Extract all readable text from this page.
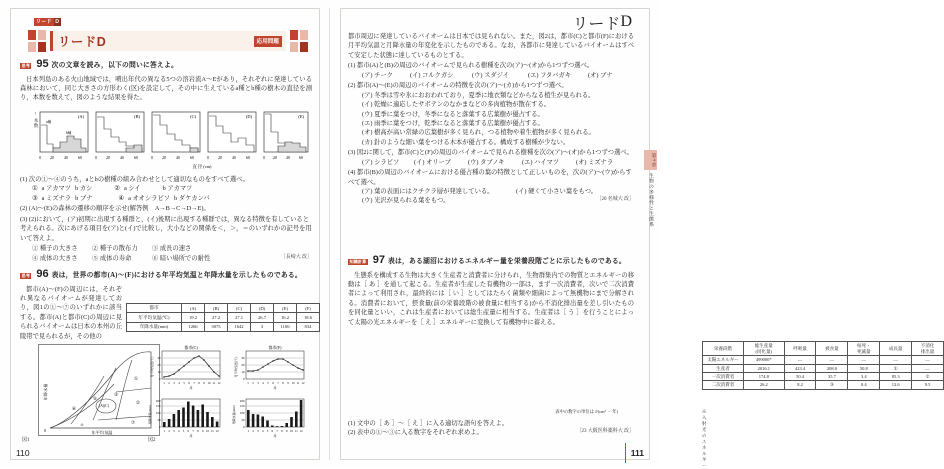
リード D
リードD	応用問題
思考 95 次の文章を読み，以下の問いに答えよ。
日本列島のある火山地域では，噴出年代の異なる5つの溶岩流A〜Eがあり，それぞれに発達している森林において，同じ大きさの方形わく(区)を設定して，その中に生えているa種とb種の樹木の直径を測り，本数を数えて，図のような結果を得た。
↑
本数
(A)
a種
b種
0 20	40	60
(B)
0 20	40	60
(C)
0 20	40	60
(D)
0 20	40	60
(E)
0 20 40 60
直 径 (cm)
(1) 次の①〜④のうち，aとbの樹種の組み合わせとして適切なものをすべて選べ。
① a アカマツ b カシ	② a シイ	b アカマツ
③ a ミズナラ b ブナ	④ a オオシラビソ b ダケカンバ
(2) (A)〜(E)の森林の遷移の順序を示せ(解答例　A→B→C→D→E)。
(3) (2)において，(ア)初期に出現する種群と，(イ)後期に出現する種群では，異なる特徴を有していると考えられる。次にあげる項目を(ア)と(イ)で比較し，大小などの関係を＜，＞，＝のいずれかの記号を用いて答えよ。
① 種子の大きさ	② 種子の散布力	③ 成長の速さ
④ 成体の大きさ	⑤ 成体の寿命	⑥ 暗い場所での耐性	［長崎大 改］
思考 96 表は，世界の都市(A)〜(F)における年平均気温と年降水量を示したものである。
都市(A)〜(F)の周辺には，それぞれ異なるバイオームが発達しており，図1の①〜⑦のいずれかに該当する。都市(A)と都市(C)の周辺に見られるバイオームは日本の本州の丘陵帯で見られるが，その他の
都市	(A)	(B)	(C)	(D)	(E)	(F)
年平均気温(℃)	19.2	27.2	27.1	26.7	16.2	18.6
年降水量(mm)	1266	3075	1642	3	1106	834
(A)(C)
①
②
③
⑤
⑥
⑦
④
0
年降水量
年平均気温
図1	図2
都市(C)
0
10
20
30
月平均気温(℃)
1 2 3 4 5 6 7 8 9 10 11 12
月
都市(F)
0
10
20
30
月平均気温(℃)
1 2 3 4 5 6 7 8 9 10 11 12
月
0
50
100
150
200
月降水量(mm)
1 2 3 4 5 6 7 8 9 10 11 12
月
0
50
100
150
200
月降水量(mm)
1 2 3 4 5 6 7 8 9 10 11 12
月
110
リード D
都市周辺に発達しているバイオームは日本では見られない。また，図2は，都市(C)と都市(F)における月平均気温と月降水量の年変化を示したものである。なお，各都市に発達しているバイオームはすべて安定した状態に達しているものとする。
(1) 都市(A)と(B)の周辺のバイオームで見られる樹種を次の(ア)〜(オ)から1つずつ選べ。
(ア) チーク	(イ) コルクガシ	(ウ) スダジイ	(エ) フタバガキ	(オ) ブナ
(2) 都市(A)〜(E)の周辺のバイオームの特徴を次の(ア)〜(カ)から1つずつ選べ。
(ア) 冬季は雪や氷におおわれており，夏季に地衣類などからなる植生が見られる。
(イ) 乾燥に適応したサボテンのなかまなどの多肉植物が散在する。
(ウ) 夏季に葉をつけ，冬季になると落葉する広葉樹が優占する。
(エ) 雨季に葉をつけ，乾季になると落葉する広葉樹が優占する。
(オ) 樹高が高い常緑の広葉樹が多く見られ，つる植物や着生植物が多く見られる。
(カ) 針のような細い葉をつける木本が優占する。構成する樹種が少ない。
(3) 図2に関して，都市(C)と(F)の周辺のバイオームで見られる樹種を次の(ア)〜(オ)から1つずつ選べ。
(ア) シラビソ	(イ) オリーブ	(ウ) タブノキ	(エ) ハイマツ	(オ) ミズナラ
(4) 都市(B)の周辺のバイオームにおける優占種の葉の特徴として正しいものを，次の(ア)〜(ウ)からすべて選べ。
(ア) 葉の表面にはクチクラ層が発達している。	(イ) 硬くて小さい葉をもつ。
(ウ) 光沢が見られる葉をもつ。	［20 名城大 改］
知識計算 97 表は，ある湖沼におけるエネルギー量を栄養段階ごとに示したものである。
生態系を構成する生物は大きく生産者と消費者に分けられ，生物群集内での物質とエネルギーの移動は［ あ ］を通して起こる。生産者が生産した有機物の一部は，まず一次消費者，次いで二次消費者によって利用され，最終的には［ い ］としてはたらく菌類や細菌によって無機物にまで分解される。消費者において，摂食量(前の栄養段階の被食量に相当する)から不消化排出量を差し引いたものを同化量といい，これは生産者においては総生産量に相当する。生産者は［ う ］を行うことによって太陽の光エネルギーを［ え ］エネルギーに変換して有機物中に蓄える。
栄養段階	総生産量
(同化量)	呼吸量	被食量	枯死・
死滅量	成長量	不消化
排出量
太陽エネルギー	499000*	—	—	—	—	—
生産者	2016.1	423.4	208.0	50.8	①	—
一次消費者	174.8	50.4	35.7	3.4	85.3	②
二次消費者	26.2	8.2	③	0.4	12.6	9.5
※入射光のエネルギー
表中の数字の単位は J/(cm² ・ 年)
(1) 文中の［ あ ］〜［ え ］に入る適切な語句を答えよ。
(2) 表中の①〜③に入る数字をそれぞれ求めよ。	［23 大阪医科薬科大 改］
第4章
生物の多様性と生態系
111
